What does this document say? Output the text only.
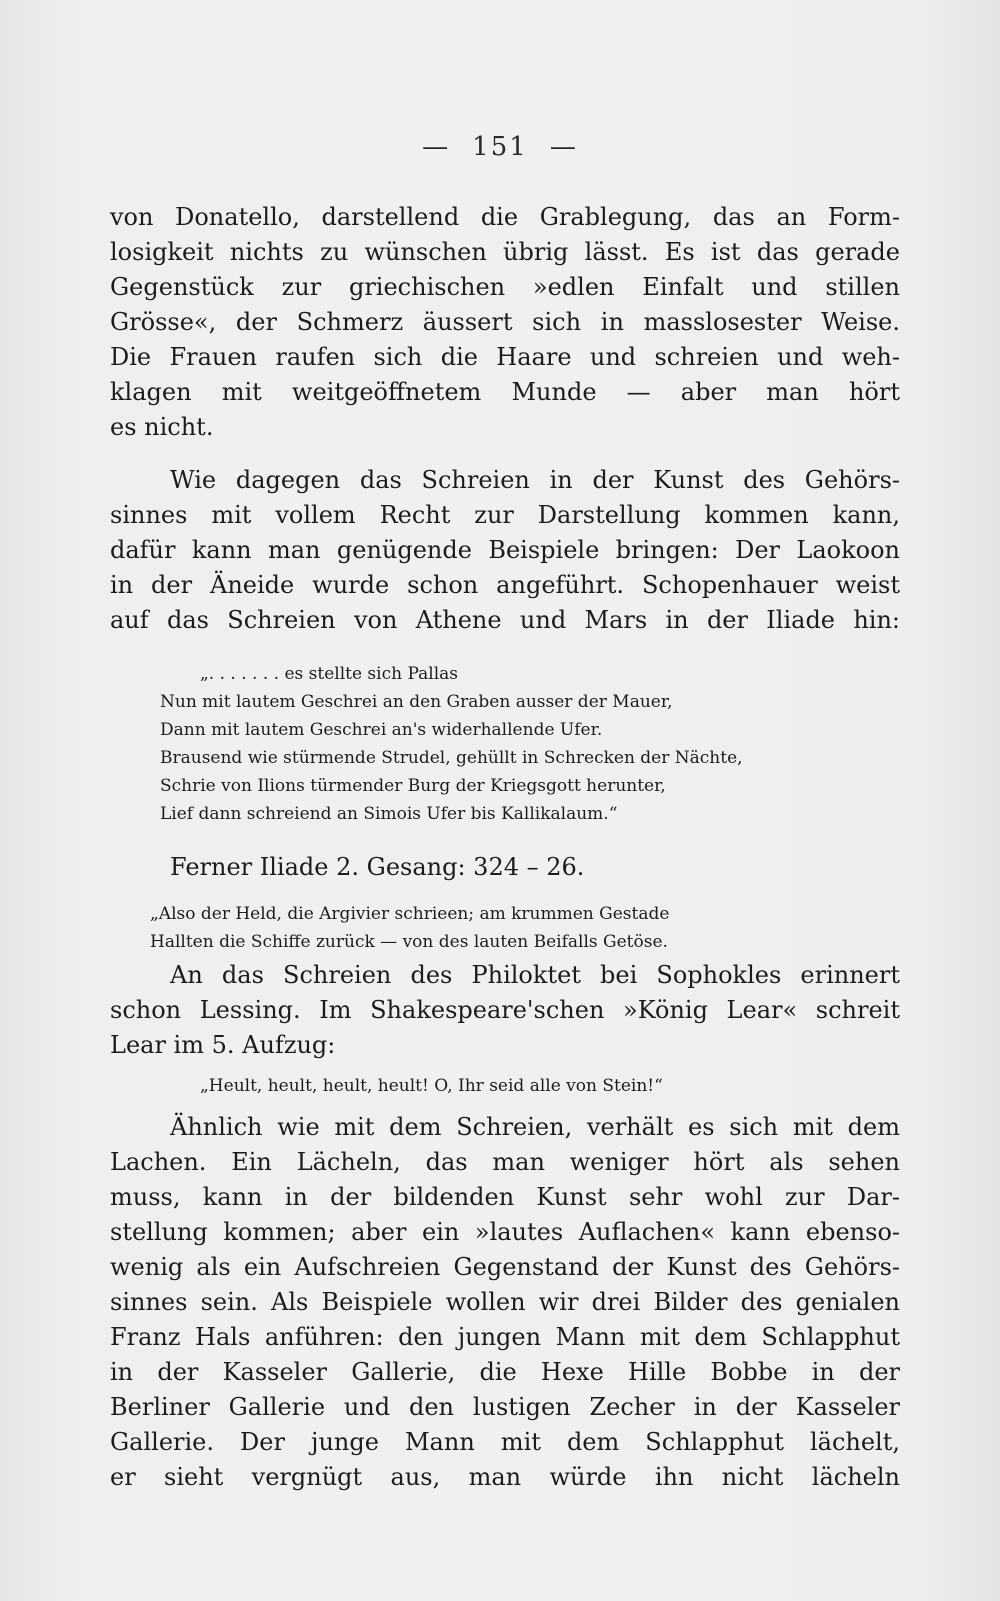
— 151 —
von Donatello, darstellend die Grablegung, das an Form-
losigkeit nichts zu wünschen übrig lässt. Es ist das gerade
Gegenstück zur griechischen »edlen Einfalt und stillen
Grösse«, der Schmerz äussert sich in masslosester Weise.
Die Frauen raufen sich die Haare und schreien und weh-
klagen mit weitgeöffnetem Munde — aber man hört
es nicht.
Wie dagegen das Schreien in der Kunst des Gehörs-
sinnes mit vollem Recht zur Darstellung kommen kann,
dafür kann man genügende Beispiele bringen: Der Laokoon
in der Äneide wurde schon angeführt. Schopenhauer weist
auf das Schreien von Athene und Mars in der Iliade hin:
„. . . . . . . es stellte sich Pallas
Nun mit lautem Geschrei an den Graben ausser der Mauer,
Dann mit lautem Geschrei an's widerhallende Ufer.
Brausend wie stürmende Strudel, gehüllt in Schrecken der Nächte,
Schrie von Ilions türmender Burg der Kriegsgott herunter,
Lief dann schreiend an Simois Ufer bis Kallikalaum.“
Ferner Iliade 2. Gesang: 324 – 26.
„Also der Held, die Argivier schrieen; am krummen Gestade
Hallten die Schiffe zurück — von des lauten Beifalls Getöse.
An das Schreien des Philoktet bei Sophokles erinnert
schon Lessing. Im Shakespeare'schen »König Lear« schreit
Lear im 5. Aufzug:
„Heult, heult, heult, heult! O, Ihr seid alle von Stein!“
Ähnlich wie mit dem Schreien, verhält es sich mit dem
Lachen. Ein Lächeln, das man weniger hört als sehen
muss, kann in der bildenden Kunst sehr wohl zur Dar-
stellung kommen; aber ein »lautes Auflachen« kann ebenso-
wenig als ein Aufschreien Gegenstand der Kunst des Gehörs-
sinnes sein. Als Beispiele wollen wir drei Bilder des genialen
Franz Hals anführen: den jungen Mann mit dem Schlapphut
in der Kasseler Gallerie, die Hexe Hille Bobbe in der
Berliner Gallerie und den lustigen Zecher in der Kasseler
Gallerie. Der junge Mann mit dem Schlapphut lächelt,
er sieht vergnügt aus, man würde ihn nicht lächeln
